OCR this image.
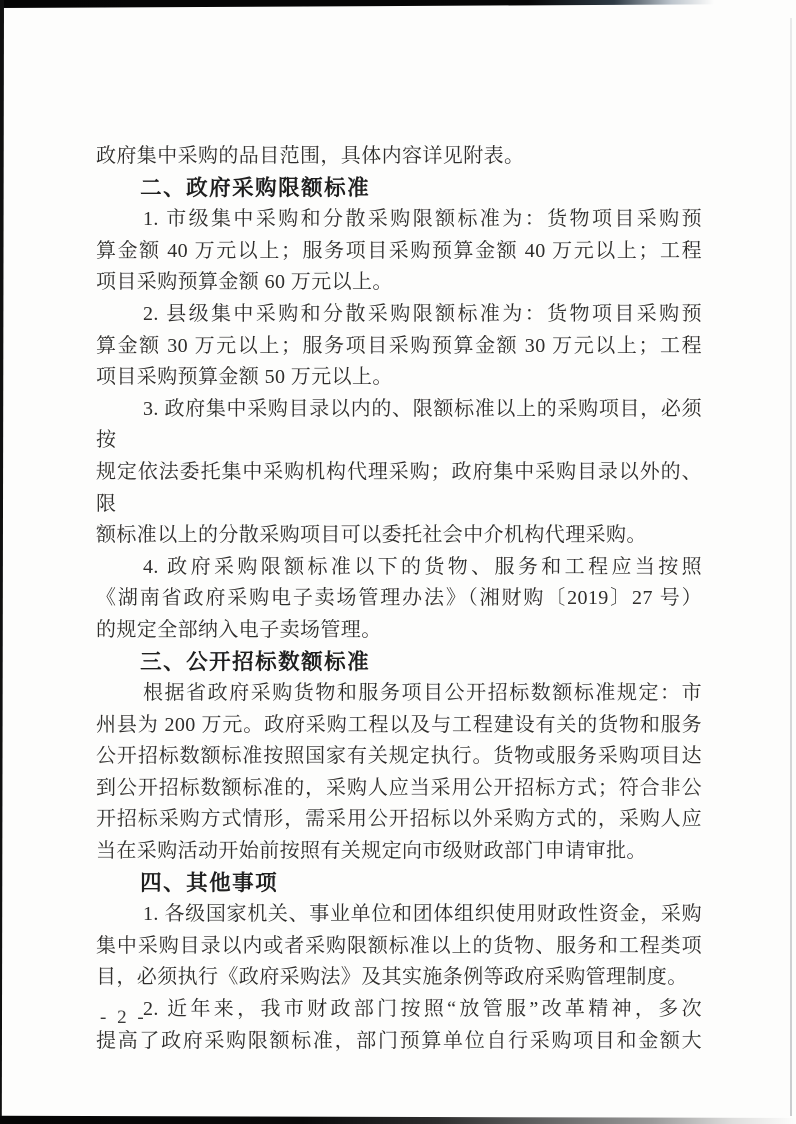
政府集中采购的品目范围，具体内容详见附表。
二、政府采购限额标准
1. 市级集中采购和分散采购限额标准为：货物项目采购预
算金额 40 万元以上；服务项目采购预算金额 40 万元以上；工程
项目采购预算金额 60 万元以上。
2. 县级集中采购和分散采购限额标准为：货物项目采购预
算金额 30 万元以上；服务项目采购预算金额 30 万元以上；工程
项目采购预算金额 50 万元以上。
3. 政府集中采购目录以内的、限额标准以上的采购项目，必须按
规定依法委托集中采购机构代理采购；政府集中采购目录以外的、限
额标准以上的分散采购项目可以委托社会中介机构代理采购。
4. 政府采购限额标准以下的货物、服务和工程应当按照
《湖南省政府采购电子卖场管理办法》（湘财购〔2019〕27 号）
的规定全部纳入电子卖场管理。
三、公开招标数额标准
根据省政府采购货物和服务项目公开招标数额标准规定：市
州县为 200 万元。政府采购工程以及与工程建设有关的货物和服务
公开招标数额标准按照国家有关规定执行。货物或服务采购项目达
到公开招标数额标准的，采购人应当采用公开招标方式；符合非公
开招标采购方式情形，需采用公开招标以外采购方式的，采购人应
当在采购活动开始前按照有关规定向市级财政部门申请审批。
四、其他事项
1. 各级国家机关、事业单位和团体组织使用财政性资金，采购
集中采购目录以内或者采购限额标准以上的货物、服务和工程类项
目，必须执行《政府采购法》及其实施条例等政府采购管理制度。
2. 近年来，我市财政部门按照“放管服”改革精神，多次
提高了政府采购限额标准，部门预算单位自行采购项目和金额大
- 2 -
